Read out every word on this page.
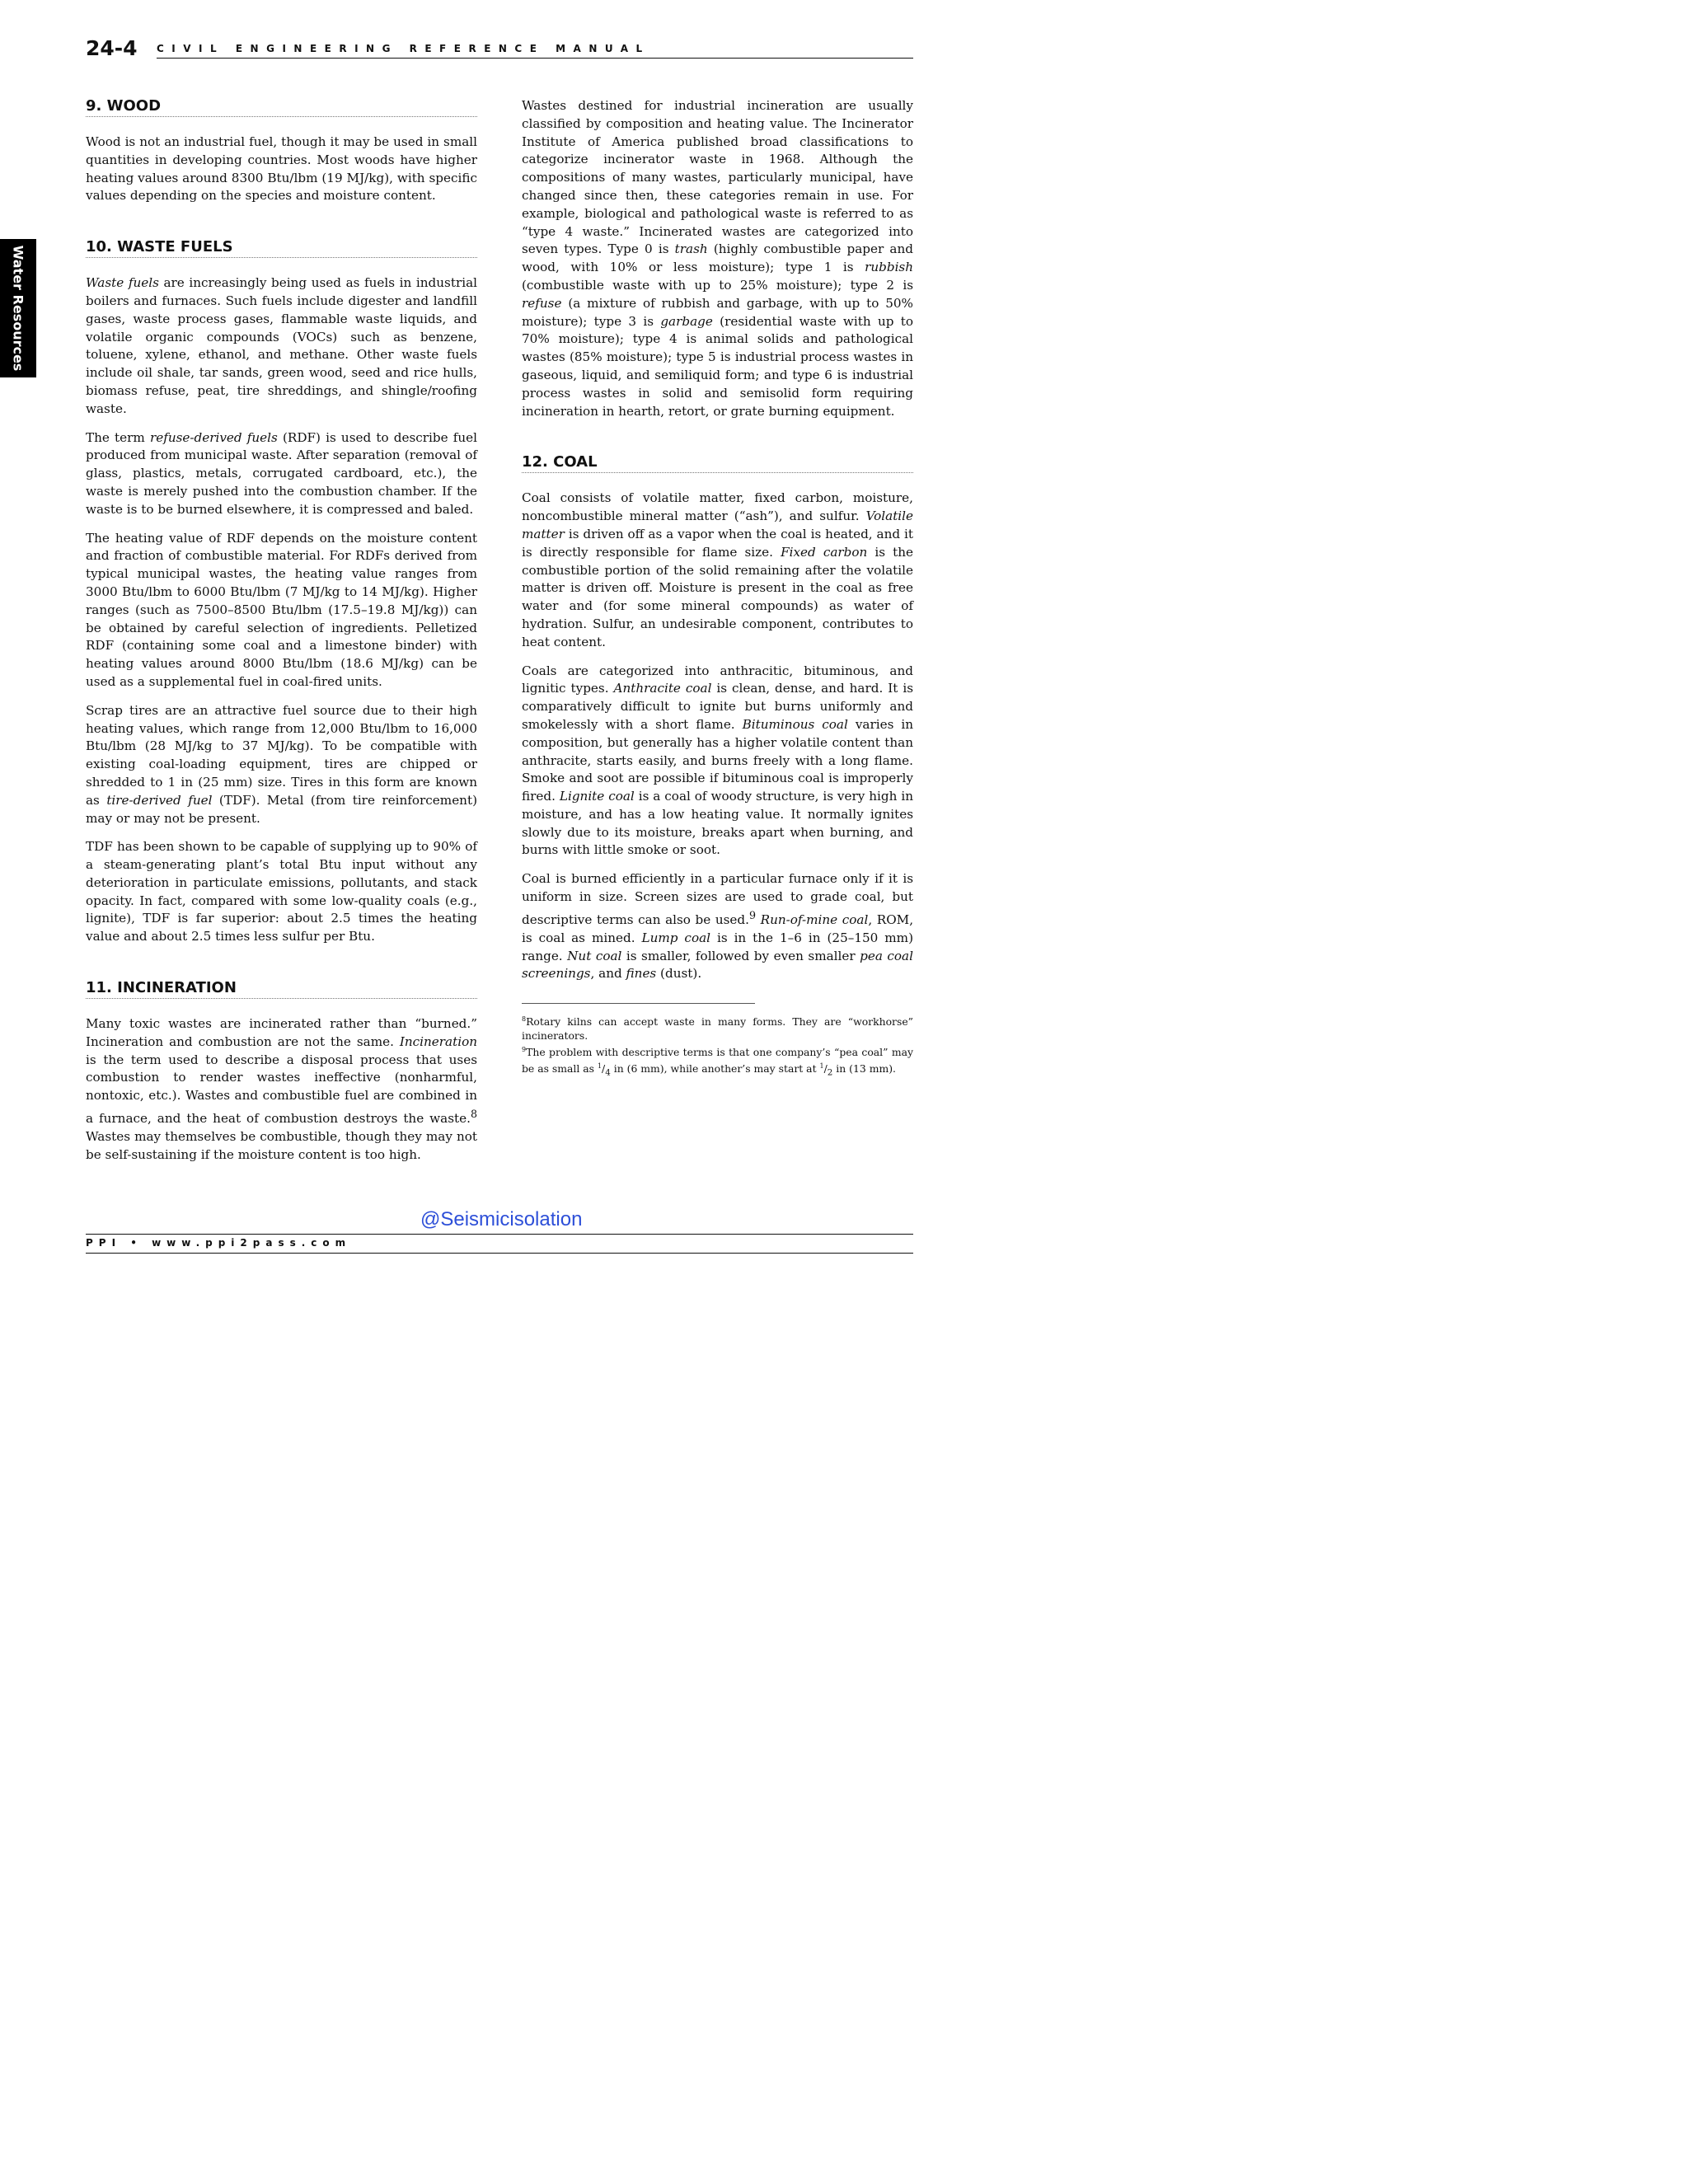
24-4 CIVIL ENGINEERING REFERENCE MANUAL
Water Resources
9. WOOD

Wood is not an industrial fuel, though it may be used in small quantities in developing countries. Most woods have higher heating values around 8300 Btu/lbm (19 MJ/kg), with specific values depending on the species and moisture content.

10. WASTE FUELS

Waste fuels are increasingly being used as fuels in industrial boilers and furnaces. Such fuels include digester and landfill gases, waste process gases, flammable waste liquids, and volatile organic compounds (VOCs) such as benzene, toluene, xylene, ethanol, and methane. Other waste fuels include oil shale, tar sands, green wood, seed and rice hulls, biomass refuse, peat, tire shreddings, and shingle/roofing waste.

The term refuse-derived fuels (RDF) is used to describe fuel produced from municipal waste. After separation (removal of glass, plastics, metals, corrugated cardboard, etc.), the waste is merely pushed into the combustion chamber. If the waste is to be burned elsewhere, it is compressed and baled.

The heating value of RDF depends on the moisture content and fraction of combustible material. For RDFs derived from typical municipal wastes, the heating value ranges from 3000 Btu/lbm to 6000 Btu/lbm (7 MJ/kg to 14 MJ/kg). Higher ranges (such as 7500–8500 Btu/lbm (17.5–19.8 MJ/kg)) can be obtained by careful selection of ingredients. Pelletized RDF (containing some coal and a limestone binder) with heating values around 8000 Btu/lbm (18.6 MJ/kg) can be used as a supplemental fuel in coal-fired units.

Scrap tires are an attractive fuel source due to their high heating values, which range from 12,000 Btu/lbm to 16,000 Btu/lbm (28 MJ/kg to 37 MJ/kg). To be compatible with existing coal-loading equipment, tires are chipped or shredded to 1 in (25 mm) size. Tires in this form are known as tire-derived fuel (TDF). Metal (from tire reinforcement) may or may not be present.

TDF has been shown to be capable of supplying up to 90% of a steam-generating plant’s total Btu input without any deterioration in particulate emissions, pollutants, and stack opacity. In fact, compared with some low-quality coals (e.g., lignite), TDF is far superior: about 2.5 times the heating value and about 2.5 times less sulfur per Btu.

11. INCINERATION

Many toxic wastes are incinerated rather than “burned.” Incineration and combustion are not the same. Incineration is the term used to describe a disposal process that uses combustion to render wastes ineffective (nonharmful, nontoxic, etc.). Wastes and combustible fuel are combined in a furnace, and the heat of combustion destroys the waste.$^8$ Wastes may themselves be combustible, though they may not be self-sustaining if the moisture content is too high.

Wastes destined for industrial incineration are usually classified by composition and heating value. The Incinerator Institute of America published broad classifications to categorize incinerator waste in 1968. Although the compositions of many wastes, particularly municipal, have changed since then, these categories remain in use. For example, biological and pathological waste is referred to as “type 4 waste.” Incinerated wastes are categorized into seven types. Type 0 is trash (highly combustible paper and wood, with 10% or less moisture); type 1 is rubbish (combustible waste with up to 25% moisture); type 2 is refuse (a mixture of rubbish and garbage, with up to 50% moisture); type 3 is garbage (residential waste with up to 70% moisture); type 4 is animal solids and pathological wastes (85% moisture); type 5 is industrial process wastes in gaseous, liquid, and semiliquid form; and type 6 is industrial process wastes in solid and semisolid form requiring incineration in hearth, retort, or grate burning equipment.

12. COAL

Coal consists of volatile matter, fixed carbon, moisture, noncombustible mineral matter (“ash”), and sulfur. Volatile matter is driven off as a vapor when the coal is heated, and it is directly responsible for flame size. Fixed carbon is the combustible portion of the solid remaining after the volatile matter is driven off. Moisture is present in the coal as free water and (for some mineral compounds) as water of hydration. Sulfur, an undesirable component, contributes to heat content.

Coals are categorized into anthracitic, bituminous, and lignitic types. Anthracite coal is clean, dense, and hard. It is comparatively difficult to ignite but burns uniformly and smokelessly with a short flame. Bituminous coal varies in composition, but generally has a higher volatile content than anthracite, starts easily, and burns freely with a long flame. Smoke and soot are possible if bituminous coal is improperly fired. Lignite coal is a coal of woody structure, is very high in moisture, and has a low heating value. It normally ignites slowly due to its moisture, breaks apart when burning, and burns with little smoke or soot.

Coal is burned efficiently in a particular furnace only if it is uniform in size. Screen sizes are used to grade coal, but descriptive terms can also be used.$^9$ Run-of-mine coal, ROM, is coal as mined. Lump coal is in the 1–6 in (25–150 mm) range. Nut coal is smaller, followed by even smaller pea coal screenings, and fines (dust).

$^8$Rotary kilns can accept waste in many forms. They are “workhorse” incinerators.

$^9$The problem with descriptive terms is that one company’s “pea coal” may be as small as $^1/_4$ in (6 mm), while another’s may start at $^1/_2$ in (13 mm).

@Seismicisolation
PPI • www.ppi2pass.com
